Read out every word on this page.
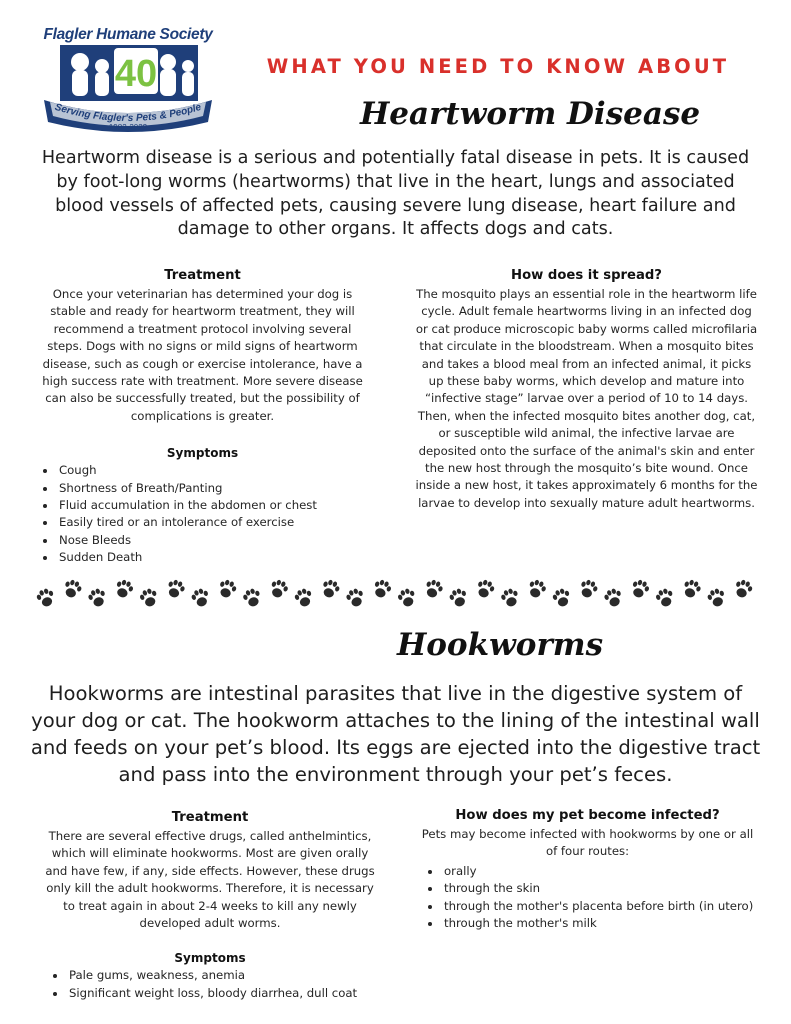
Flagler Humane Society
40
Serving Flagler's Pets & People
1982-2022
WHAT YOU NEED TO KNOW ABOUT
Heartworm Disease
Heartworm disease is a serious and potentially fatal disease in pets. It is caused by foot-long worms (heartworms) that live in the heart, lungs and associated blood vessels of affected pets, causing severe lung disease, heart failure and damage to other organs. It affects dogs and cats.
Treatment

Once your veterinarian has determined your dog is stable and ready for heartworm treatment, they will recommend a treatment protocol involving several steps. Dogs with no signs or mild signs of heartworm disease, such as cough or exercise intolerance, have a high success rate with treatment. More severe disease can also be successfully treated, but the possibility of complications is greater.

Symptoms
• Cough
• Shortness of Breath/Panting
• Fluid accumulation in the abdomen or chest
• Easily tired or an intolerance of exercise
• Nose Bleeds
• Sudden Death
How does it spread?

The mosquito plays an essential role in the heartworm life cycle. Adult female heartworms living in an infected dog or cat produce microscopic baby worms called microfilaria that circulate in the bloodstream. When a mosquito bites and takes a blood meal from an infected animal, it picks up these baby worms, which develop and mature into “infective stage” larvae over a period of 10 to 14 days. Then, when the infected mosquito bites another dog, cat, or susceptible wild animal, the infective larvae are deposited onto the surface of the animal's skin and enter the new host through the mosquito’s bite wound. Once inside a new host, it takes approximately 6 months for the larvae to develop into sexually mature adult heartworms.

Hookworms
Hookworms are intestinal parasites that live in the digestive system of your dog or cat. The hookworm attaches to the lining of the intestinal wall and feeds on your pet’s blood. Its eggs are ejected into the digestive tract and pass into the environment through your pet’s feces.
Treatment

There are several effective drugs, called anthelmintics, which will eliminate hookworms. Most are given orally and have few, if any, side effects. However, these drugs only kill the adult hookworms. Therefore, it is necessary to treat again in about 2-4 weeks to kill any newly developed adult worms.

Symptoms
• Pale gums, weakness, anemia
• Significant weight loss, bloody diarrhea, dull coat
How does my pet become infected?

Pets may become infected with hookworms by one or all of four routes:

• orally
• through the skin
• through the mother's placenta before birth (in utero)
• through the mother's milk
